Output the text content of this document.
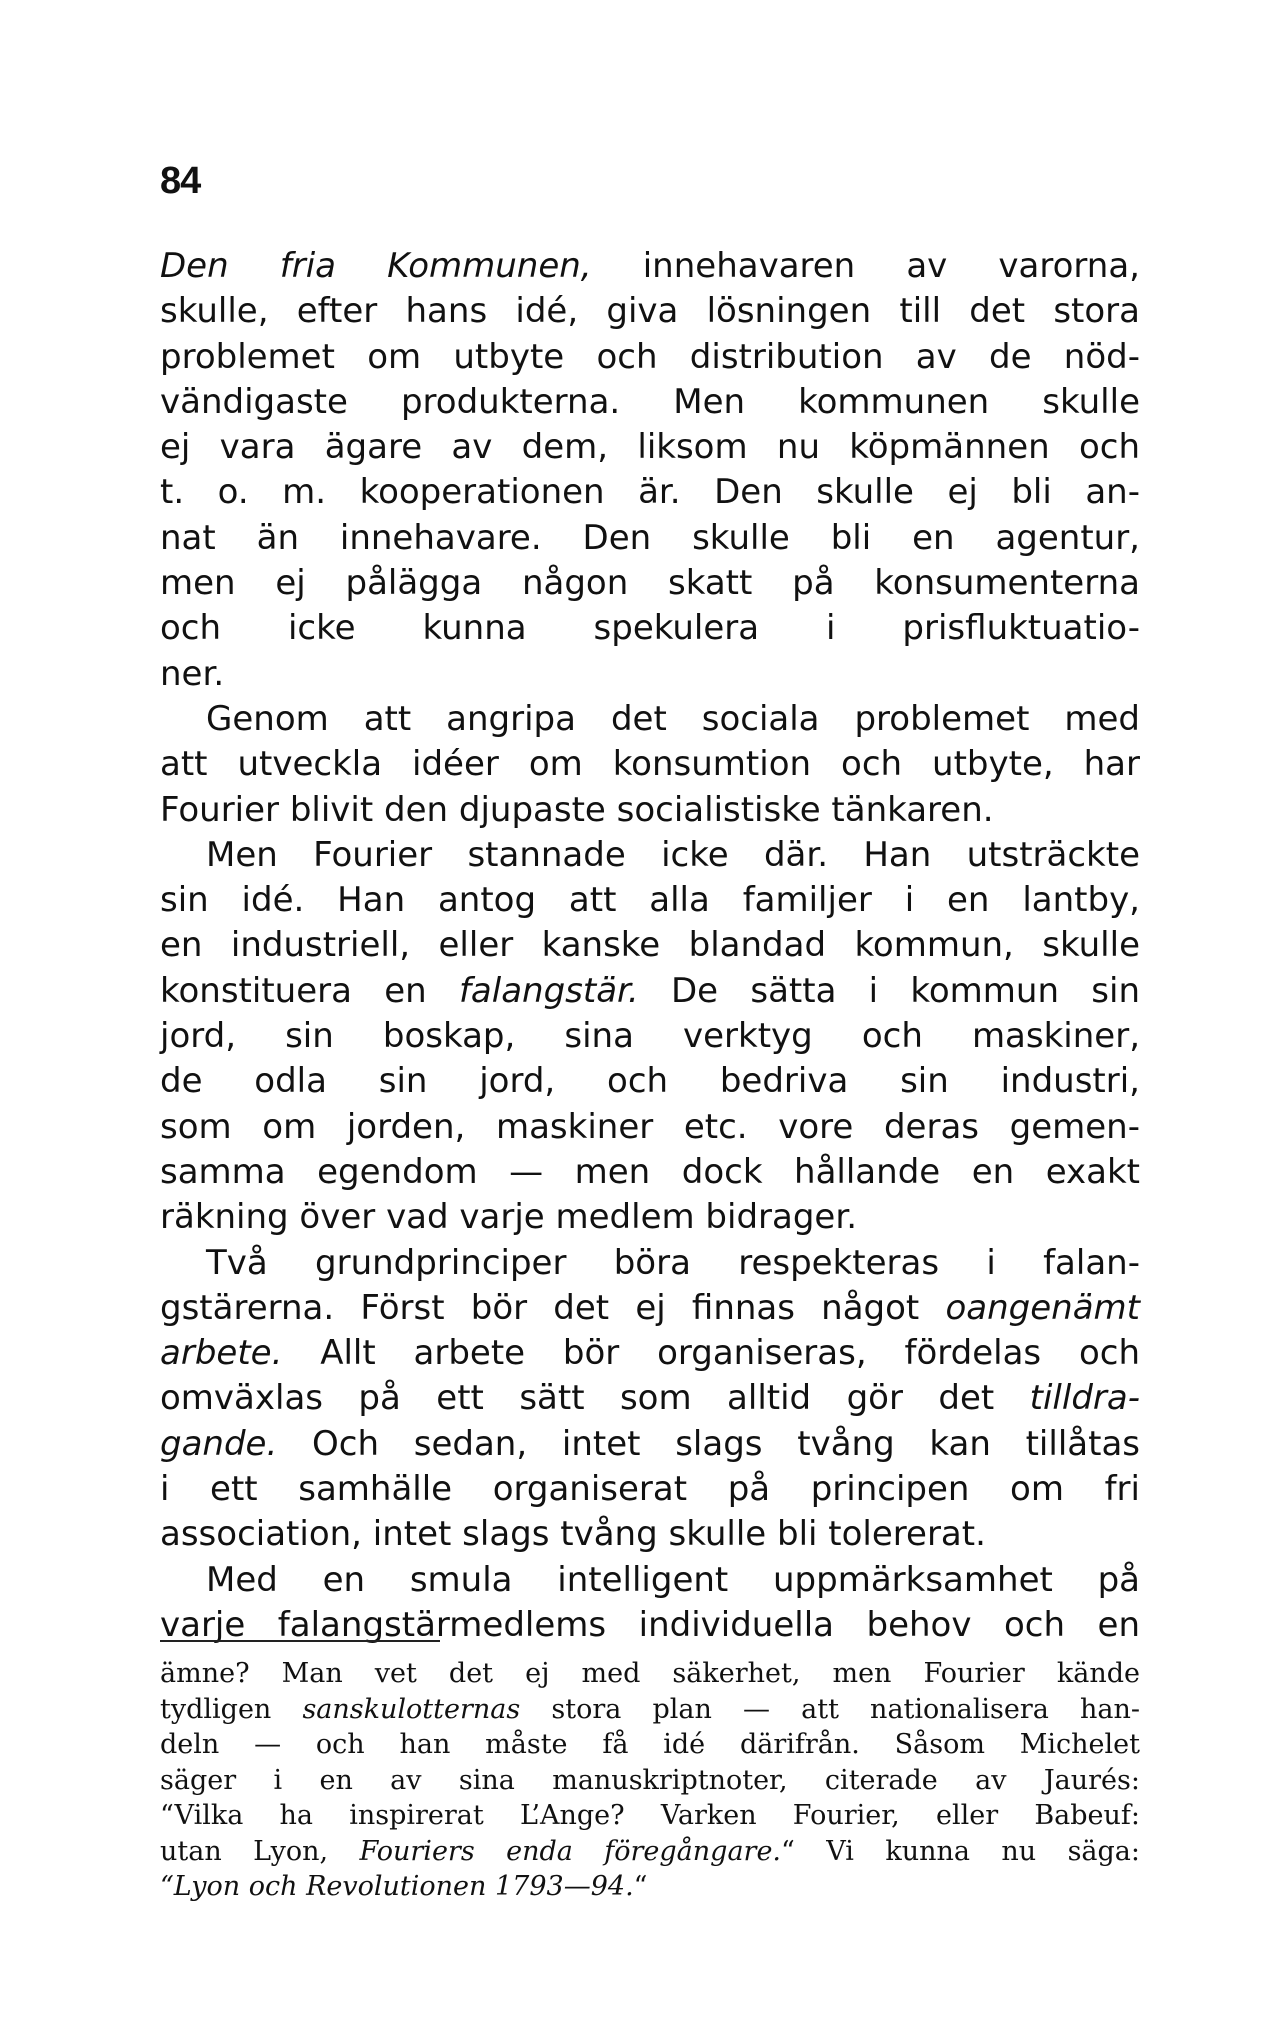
84
Den fria Kommunen, innehavaren av varorna,
skulle, efter hans idé, giva lösningen till det stora
problemet om utbyte och distribution av de nöd-
vändigaste produkterna. Men kommunen skulle
ej vara ägare av dem, liksom nu köpmännen och
t. o. m. kooperationen är. Den skulle ej bli an-
nat än innehavare. Den skulle bli en agentur,
men ej pålägga någon skatt på konsumenterna
och icke kunna spekulera i prisfluktuatio-
ner.
Genom att angripa det sociala problemet med
att utveckla idéer om konsumtion och utbyte, har
Fourier blivit den djupaste socialistiske tänkaren.
Men Fourier stannade icke där. Han utsträckte
sin idé. Han antog att alla familjer i en lantby,
en industriell, eller kanske blandad kommun, skulle
konstituera en falangstär. De sätta i kommun sin
jord, sin boskap, sina verktyg och maskiner,
de odla sin jord, och bedriva sin industri,
som om jorden, maskiner etc. vore deras gemen-
samma egendom — men dock hållande en exakt
räkning över vad varje medlem bidrager.
Två grundprinciper böra respekteras i falan-
gstärerna. Först bör det ej finnas något oangenämt
arbete. Allt arbete bör organiseras, fördelas och
omväxlas på ett sätt som alltid gör det tilldra-
gande. Och sedan, intet slags tvång kan tillåtas
i ett samhälle organiserat på principen om fri
association, intet slags tvång skulle bli tolererat.
Med en smula intelligent uppmärksamhet på
varje falangstärmedlems individuella behov och en
ämne? Man vet det ej med säkerhet, men Fourier kände
tydligen sanskulotternas stora plan — att nationalisera han-
deln — och han måste få idé därifrån. Såsom Michelet
säger i en av sina manuskriptnoter, citerade av Jaurés:
“Vilka ha inspirerat L’Ange? Varken Fourier, eller Babeuf:
utan Lyon, Fouriers enda föregångare.“ Vi kunna nu säga:
“Lyon och Revolutionen 1793—94.“
